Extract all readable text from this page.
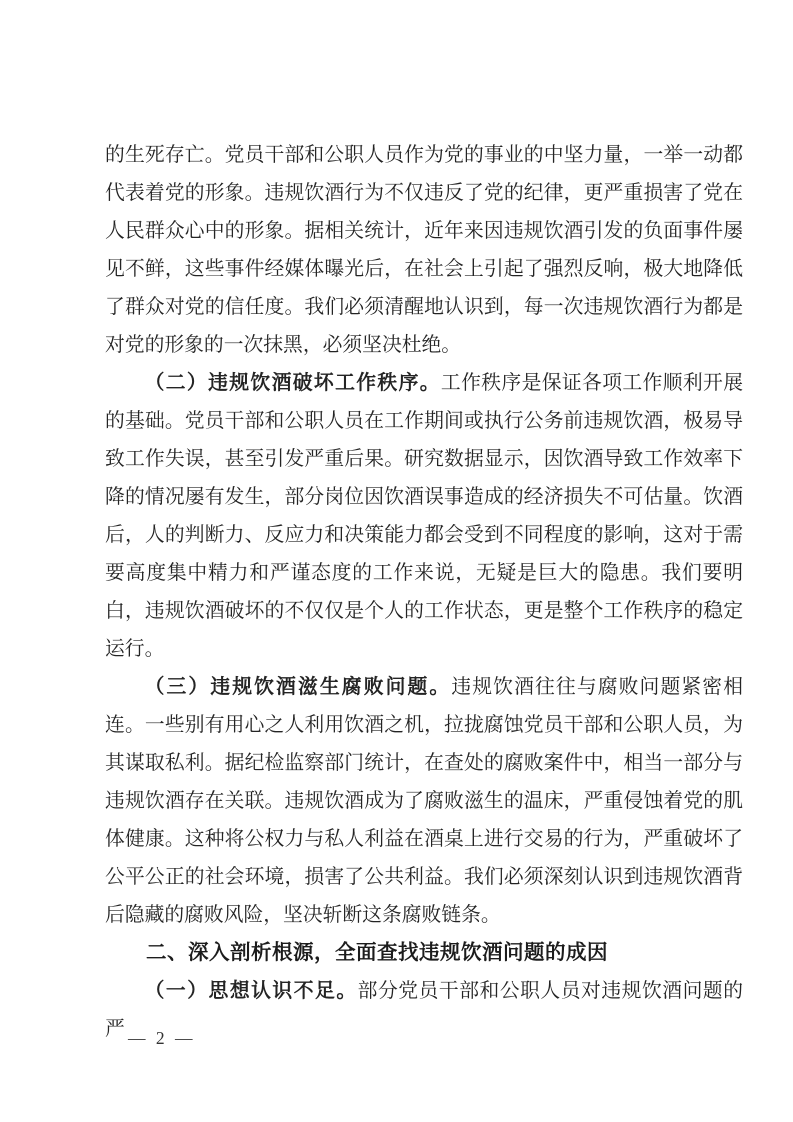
的生死存亡。党员干部和公职人员作为党的事业的中坚力量，一举一动都代表着党的形象。违规饮酒行为不仅违反了党的纪律，更严重损害了党在人民群众心中的形象。据相关统计，近年来因违规饮酒引发的负面事件屡见不鲜，这些事件经媒体曝光后，在社会上引起了强烈反响，极大地降低了群众对党的信任度。我们必须清醒地认识到，每一次违规饮酒行为都是对党的形象的一次抹黑，必须坚决杜绝。

（二）违规饮酒破坏工作秩序。工作秩序是保证各项工作顺利开展的基础。党员干部和公职人员在工作期间或执行公务前违规饮酒，极易导致工作失误，甚至引发严重后果。研究数据显示，因饮酒导致工作效率下降的情况屡有发生，部分岗位因饮酒误事造成的经济损失不可估量。饮酒后，人的判断力、反应力和决策能力都会受到不同程度的影响，这对于需要高度集中精力和严谨态度的工作来说，无疑是巨大的隐患。我们要明白，违规饮酒破坏的不仅仅是个人的工作状态，更是整个工作秩序的稳定运行。

（三）违规饮酒滋生腐败问题。违规饮酒往往与腐败问题紧密相连。一些别有用心之人利用饮酒之机，拉拢腐蚀党员干部和公职人员，为其谋取私利。据纪检监察部门统计，在查处的腐败案件中，相当一部分与违规饮酒存在关联。违规饮酒成为了腐败滋生的温床，严重侵蚀着党的肌体健康。这种将公权力与私人利益在酒桌上进行交易的行为，严重破坏了公平公正的社会环境，损害了公共利益。我们必须深刻认识到违规饮酒背后隐藏的腐败风险，坚决斩断这条腐败链条。

二、深入剖析根源，全面查找违规饮酒问题的成因

（一）思想认识不足。部分党员干部和公职人员对违规饮酒问题的严 — 2 —
